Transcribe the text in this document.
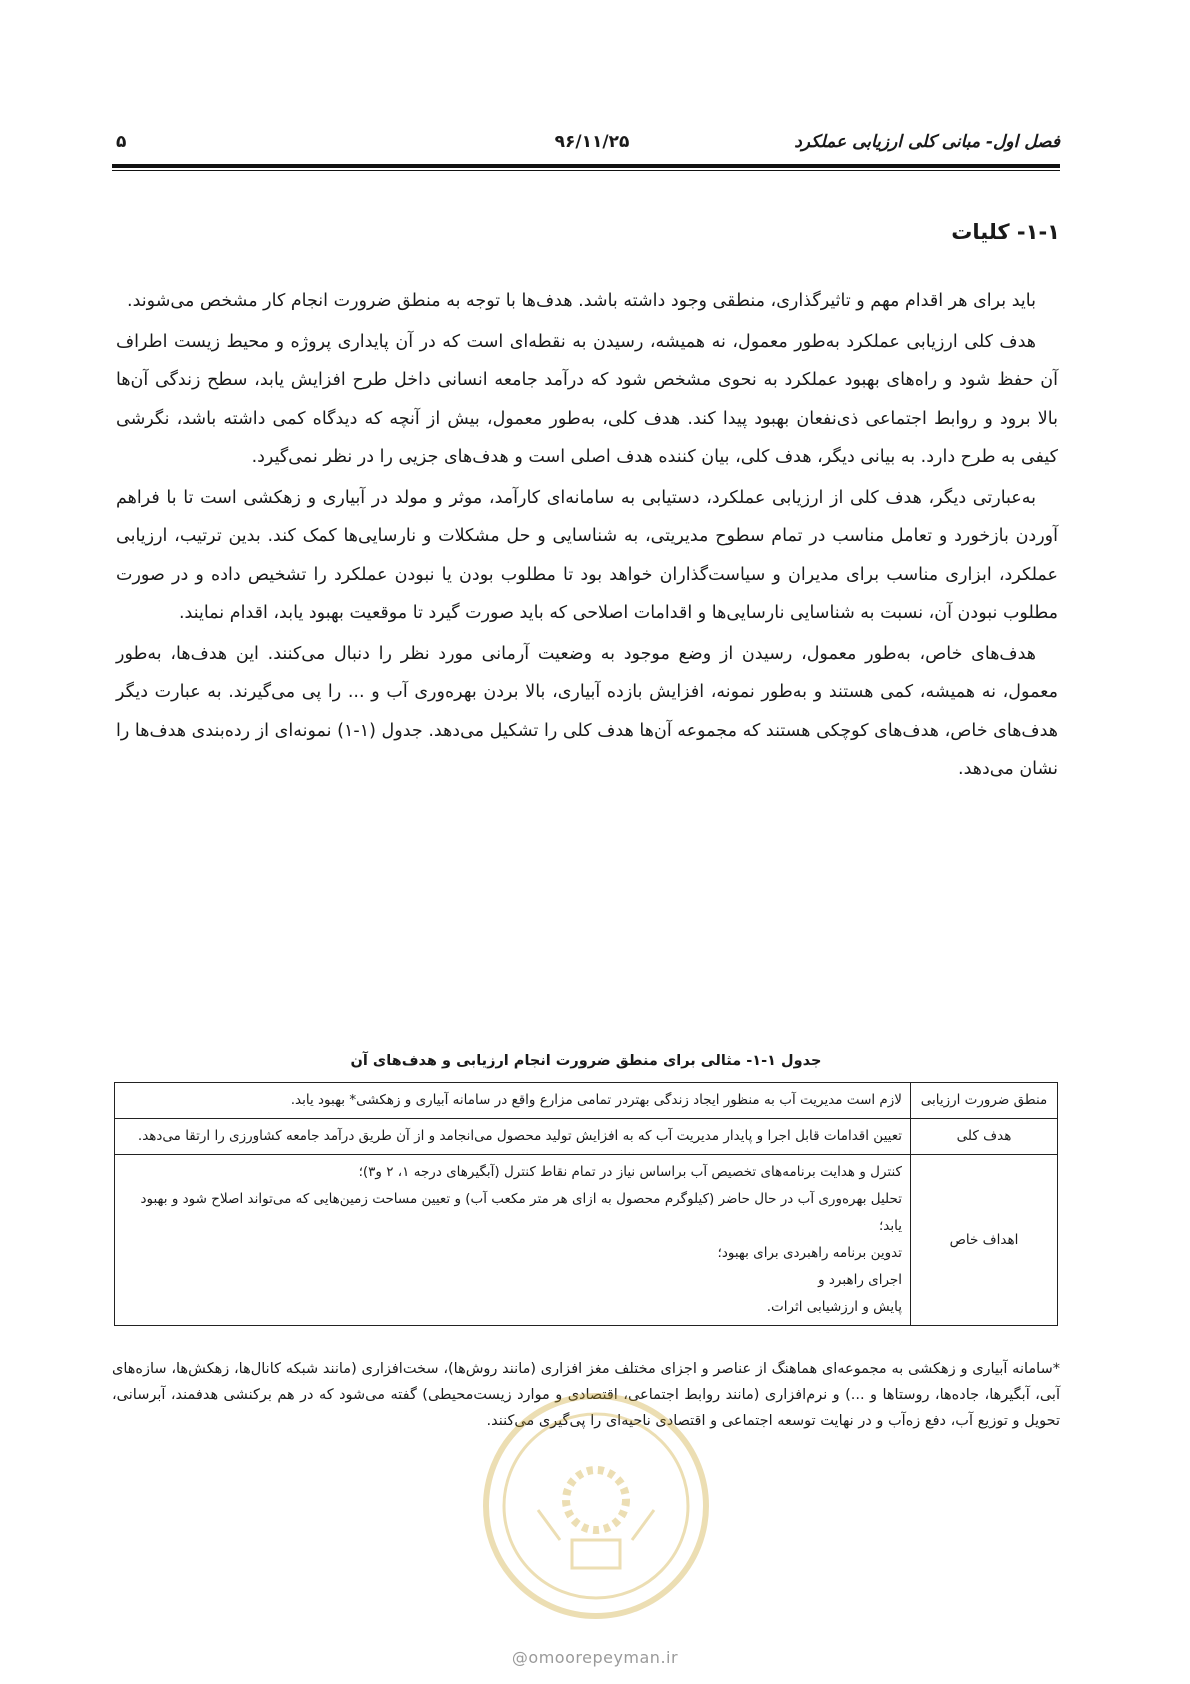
فصل اول- مبانی کلی ارزیابی عملکرد
۹۶/۱۱/۲۵
۵
۱-۱- کلیات

باید برای هر اقدام مهم و تاثیرگذاری، منطقی وجود داشته باشد. هدف‌ها با توجه به منطق ضرورت انجام کار مشخص می‌شوند.

هدف کلی ارزیابی عملکرد به‌طور معمول، نه همیشه، رسیدن به نقطه‌ای است که در آن پایداری پروژه و محیط زیست اطراف آن حفظ شود و راه‌های بهبود عملکرد به نحوی مشخص شود که درآمد جامعه انسانی داخل طرح افزایش یابد، سطح زندگی آن‌ها بالا برود و روابط اجتماعی ذی‌نفعان بهبود پیدا کند. هدف کلی، به‌طور معمول، بیش از آنچه که دیدگاه کمی داشته باشد، نگرشی کیفی به طرح دارد. به بیانی دیگر، هدف کلی، بیان کننده هدف اصلی است و هدف‌های جزیی را در نظر نمی‌گیرد.

به‌عبارتی دیگر، هدف کلی از ارزیابی عملکرد، دستیابی به سامانه‌ای کارآمد، موثر و مولد در آبیاری و زهکشی است تا با فراهم آوردن بازخورد و تعامل مناسب در تمام سطوح مدیریتی، به شناسایی و حل مشکلات و نارسایی‌ها کمک کند. بدین ترتیب، ارزیابی عملکرد، ابزاری مناسب برای مدیران و سیاست‌گذاران خواهد بود تا مطلوب بودن یا نبودن عملکرد را تشخیص داده و در صورت مطلوب نبودن آن، نسبت به شناسایی نارسایی‌ها و اقدامات اصلاحی که باید صورت گیرد تا موقعیت بهبود یابد، اقدام نمایند.

هدف‌های خاص، به‌طور معمول، رسیدن از وضع موجود به وضعیت آرمانی مورد نظر را دنبال می‌کنند. این هدف‌ها، به‌طور معمول، نه همیشه، کمی هستند و به‌طور نمونه، افزایش بازده آبیاری، بالا بردن بهره‌وری آب و ... را پی می‌گیرند. به عبارت دیگر هدف‌های خاص، هدف‌های کوچکی هستند که مجموعه آن‌ها هدف کلی را تشکیل می‌دهد. جدول (۱-۱) نمونه‌ای از رده‌بندی هدف‌ها را نشان می‌دهد.

جدول ۱-۱- مثالی برای منطق ضرورت انجام ارزیابی و هدف‌های آن
منطق ضرورت ارزیابی	لازم است مدیریت آب به منظور ایجاد زندگی بهتردر تمامی مزارع واقع در سامانه آبیاری و زهکشی* بهبود یابد.

هدف کلی	تعیین اقدامات قابل اجرا و پایدار مدیریت آب که به افزایش تولید محصول می‌انجامد و از آن طریق درآمد جامعه کشاورزی را ارتقا می‌دهد.

اهداف خاص	کنترل و هدایت برنامه‌های تخصیص آب براساس نیاز در تمام نقاط کنترل (آبگیرهای درجه ۱، ۲ و۳)؛
تحلیل بهره‌وری آب در حال حاضر (کیلوگرم محصول به ازای هر متر مکعب آب) و تعیین مساحت زمین‌هایی که می‌تواند اصلاح شود و بهبود یابد؛
تدوین برنامه راهبردی برای بهبود؛
اجرای راهبرد و
پایش و ارزشیابی اثرات.
*سامانه آبیاری و زهکشی به مجموعه‌ای هماهنگ از عناصر و اجزای مختلف مغز افزاری (مانند روش‌ها)، سخت‌افزاری (مانند شبکه کانال‌ها، زهکش‌ها، سازه‌های آبی، آبگیرها، جاده‌ها، روستاها و ...) و نرم‌افزاری (مانند روابط اجتماعی، اقتصادی و موارد زیست‌محیطی) گفته می‌شود که در هم برکنشی هدفمند، آبرسانی، تحویل و توزیع آب، دفع زه‌آب و در نهایت توسعه اجتماعی و اقتصادی ناحیه‌ای را پی‌گیری می‌کنند.
@omoorepeyman.ir
